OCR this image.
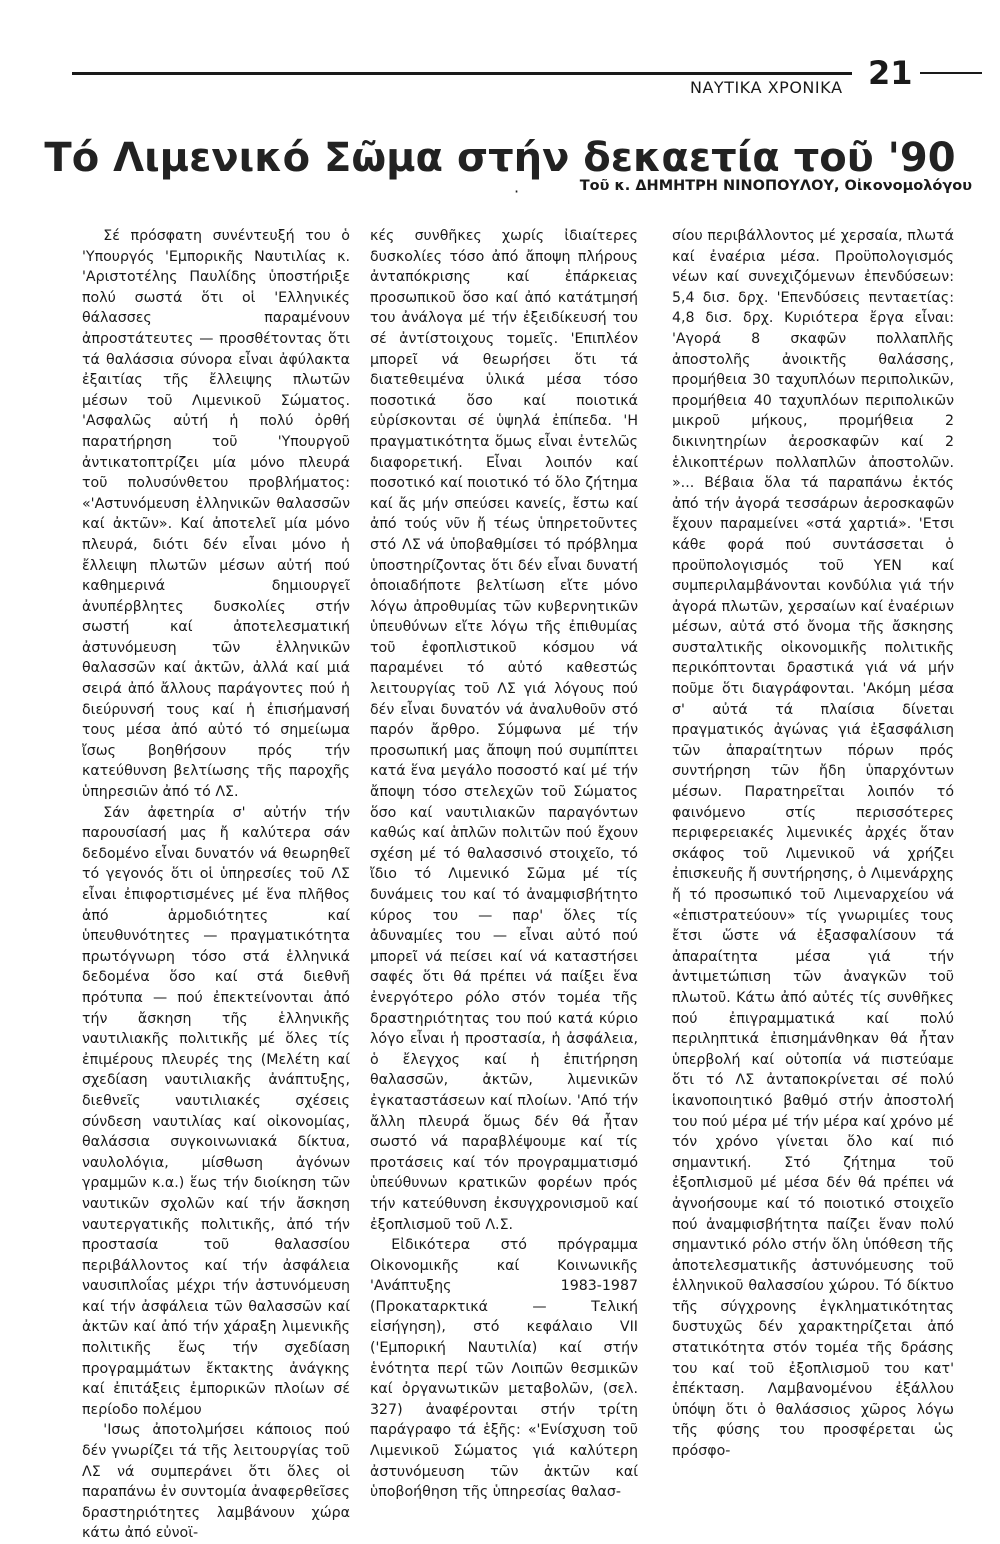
ΝΑΥΤΙΚΑ ΧΡΟΝΙΚΑ 21
Τό Λιμενικό Σῶμα στήν δεκαετία τοῦ '90
·	Τοῦ κ. ΔΗΜΗΤΡΗ ΝΙΝΟΠΟΥΛΟΥ, Οἰκονομολόγου

Σέ πρόσφατη συνέντευξή του ὁ 'Υπουργός 'Εμπορικῆς Ναυτιλίας κ. 'Αριστοτέλης Παυλίδης ὑποστήριξε πολύ σωστά ὅτι οἱ 'Ελληνικές θάλασσες παραμένουν ἀπροστάτευτες — προσθέτοντας ὅτι τά θαλάσσια σύνορα εἶναι ἀφύλακτα ἐξαιτίας τῆς ἔλλειψης πλωτῶν μέσων τοῦ Λιμενικοῦ Σώματος. 'Ασφαλῶς αὐτή ἡ πολύ ὀρθή παρατήρηση τοῦ 'Υπουργοῦ ἀντικατοπτρίζει μία μόνο πλευρά τοῦ πολυσύνθετου προβλήματος: «'Αστυνόμευση ἑλληνικῶν θαλασσῶν καί ἀκτῶν». Καί ἀποτελεῖ μία μόνο πλευρά, διότι δέν εἶναι μόνο ἡ ἔλλειψη πλωτῶν μέσων αὐτή πού καθημερινά δημιουργεῖ ἀνυπέρβλητες δυσκολίες στήν σωστή καί ἀποτελεσματική ἀστυνόμευση τῶν ἑλληνικῶν θαλασσῶν καί ἀκτῶν, ἀλλά καί μιά σειρά ἀπό ἄλλους παράγοντες πού ἡ διεύρυνσή τους καί ἡ ἐπισήμανσή τους μέσα ἀπό αὐτό τό σημείωμα ἴσως βοηθήσουν πρός τήν κατεύθυνση βελτίωσης τῆς παροχῆς ὑπηρεσιῶν ἀπό τό ΛΣ.

Σάν ἀφετηρία σ' αὐτήν τήν παρουσίασή μας ἤ καλύτερα σάν δεδομένο εἶναι δυνατόν νά θεωρηθεῖ τό γεγονός ὅτι οἱ ὑπηρεσίες τοῦ ΛΣ εἶναι ἐπιφορτισμένες μέ ἕνα πλῆθος ἀπό ἁρμοδιότητες καί ὑπευθυνότητες — πραγματικότητα πρωτόγνωρη τόσο στά ἑλληνικά δεδομένα ὅσο καί στά διεθνῆ πρότυπα — πού ἐπεκτείνονται ἀπό τήν ἄσκηση τῆς ἑλληνικῆς ναυτιλιακῆς πολιτικῆς μέ ὅλες τίς ἐπιμέρους πλευρές της (Μελέτη καί σχεδίαση ναυτιλιακῆς ἀνάπτυξης, διεθνεῖς ναυτιλιακές σχέσεις σύνδεση ναυτιλίας καί οἰκονομίας, θαλάσσια συγκοινωνιακά δίκτυα, ναυλολόγια, μίσθωση ἀγόνων γραμμῶν κ.α.) ἕως τήν διοίκηση τῶν ναυτικῶν σχολῶν καί τήν ἄσκηση ναυτεργατικῆς πολιτικῆς, ἀπό τήν προστασία τοῦ θαλασσίου περιβάλλοντος καί τήν ἀσφάλεια ναυσιπλοΐας μέχρι τήν ἀστυνόμευση καί τήν ἀσφάλεια τῶν θαλασσῶν καί ἀκτῶν καί ἀπό τήν χάραξη λιμενικῆς πολιτικῆς ἕως τήν σχεδίαση προγραμμάτων ἔκτακτης ἀνάγκης καί ἐπιτάξεις ἐμπορικῶν πλοίων σέ περίοδο πολέμου

'Ισως ἀποτολμήσει κάποιος πού δέν γνωρίζει τά τῆς λειτουργίας τοῦ ΛΣ νά συμπεράνει ὅτι ὅλες οἱ παραπάνω ἐν συντομία ἀναφερθεῖσες δραστηριότητες λαμβάνουν χώρα κάτω ἀπό εὐνοϊ-

κές συνθῆκες χωρίς ἰδιαίτερες δυσκολίες τόσο ἀπό ἄποψη πλήρους ἀνταπόκρισης καί ἐπάρκειας προσωπικοῦ ὅσο καί ἀπό κατάτμησή του ἀνάλογα μέ τήν ἐξειδίκευσή του σέ ἀντίστοιχους τομεῖς. 'Επιπλέον μπορεῖ νά θεωρήσει ὅτι τά διατεθειμένα ὑλικά μέσα τόσο ποσοτικά ὅσο καί ποιοτικά εὑρίσκονται σέ ὑψηλά ἐπίπεδα. 'Η πραγματικότητα ὅμως εἶναι ἐντελῶς διαφορετική. Εἶναι λοιπόν καί ποσοτικό καί ποιοτικό τό ὅλο ζήτημα καί ἄς μήν σπεύσει κανείς, ἔστω καί ἀπό τούς νῦν ἤ τέως ὑπηρετοῦντες στό ΛΣ νά ὑποβαθμίσει τό πρόβλημα ὑποστηρίζοντας ὅτι δέν εἶναι δυνατή ὁποιαδήποτε βελτίωση εἴτε μόνο λόγω ἀπροθυμίας τῶν κυβερνητικῶν ὑπευθύνων εἴτε λόγω τῆς ἐπιθυμίας τοῦ ἐφοπλιστικοῦ κόσμου νά παραμένει τό αὐτό καθεστώς λειτουργίας τοῦ ΛΣ γιά λόγους πού δέν εἶναι δυνατόν νά ἀναλυθοῦν στό παρόν ἄρθρο. Σύμφωνα μέ τήν προσωπική μας ἄποψη πού συμπίπτει κατά ἕνα μεγάλο ποσοστό καί μέ τήν ἄποψη τόσο στελεχῶν τοῦ Σώματος ὅσο καί ναυτιλιακῶν παραγόντων καθώς καί ἁπλῶν πολιτῶν πού ἔχουν σχέση μέ τό θαλασσινό στοιχεῖο, τό ἴδιο τό Λιμενικό Σῶμα μέ τίς δυνάμεις του καί τό ἀναμφισβήτητο κύρος του — παρ' ὅλες τίς ἀδυναμίες του — εἶναι αὐτό πού μπορεῖ νά πείσει καί νά καταστήσει σαφές ὅτι θά πρέπει νά παίξει ἕνα ἐνεργότερο ρόλο στόν τομέα τῆς δραστηριότητας του πού κατά κύριο λόγο εἶναι ἡ προστασία, ἡ ἀσφάλεια, ὁ ἔλεγχος καί ἡ ἐπιτήρηση θαλασσῶν, ἀκτῶν, λιμενικῶν ἐγκαταστάσεων καί πλοίων. 'Από τήν ἄλλη πλευρά ὅμως δέν θά ἦταν σωστό νά παραβλέψουμε καί τίς προτάσεις καί τόν προγραμματισμό ὑπεύθυνων κρατικῶν φορέων πρός τήν κατεύθυνση ἐκσυγχρονισμοῦ καί ἐξοπλισμοῦ τοῦ Λ.Σ.

Εἰδικότερα στό πρόγραμμα Οἰκονομικῆς καί Κοινωνικῆς 'Ανάπτυξης 1983-1987 (Προκαταρκτικά — Τελική εἰσήγηση), στό κεφάλαιο VII ('Εμπορική Ναυτιλία) καί στήν ἑνότητα περί τῶν Λοιπῶν θεσμικῶν καί ὀργανωτικῶν μεταβολῶν, (σελ. 327) ἀναφέρονται στήν τρίτη παράγραφο τά ἑξῆς: «'Ενίσχυση τοῦ Λιμενικοῦ Σώματος γιά καλύτερη ἀστυνόμευση τῶν ἀκτῶν καί ὑποβοήθηση τῆς ὑπηρεσίας θαλασ-

σίου περιβάλλοντος μέ χερσαία, πλωτά καί ἐναέρια μέσα. Προϋπολογισμός νέων καί συνεχιζόμενων ἐπενδύσεων: 5,4 δισ. δρχ. 'Επενδύσεις πενταετίας: 4,8 δισ. δρχ. Κυριότερα ἔργα εἶναι: 'Αγορά 8 σκαφῶν πολλαπλῆς ἀποστολῆς ἀνοικτῆς θαλάσσης, προμήθεια 30 ταχυπλόων περιπολικῶν, προμήθεια 40 ταχυπλόων περιπολικῶν μικροῦ μήκους, προμήθεια 2 δικινητηρίων ἀεροσκαφῶν καί 2 ἑλικοπτέρων πολλαπλῶν ἀποστολῶν. »... Βέβαια ὅλα τά παραπάνω ἐκτός ἀπό τήν ἀγορά τεσσάρων ἀεροσκαφῶν ἔχουν παραμείνει «στά χαρτιά». 'Ετσι κάθε φορά πού συντάσσεται ὁ προϋπολογισμός τοῦ ΥΕΝ καί συμπεριλαμβάνονται κονδύλια γιά τήν ἀγορά πλωτῶν, χερσαίων καί ἐναέριων μέσων, αὐτά στό ὄνομα τῆς ἄσκησης συσταλτικῆς οἰκονομικῆς πολιτικῆς περικόπτονται δραστικά γιά νά μήν ποῦμε ὅτι διαγράφονται. 'Ακόμη μέσα σ' αὐτά τά πλαίσια δίνεται πραγματικός ἀγώνας γιά ἐξασφάλιση τῶν ἀπαραίτητων πόρων πρός συντήρηση τῶν ἤδη ὑπαρχόντων μέσων. Παρατηρεῖται λοιπόν τό φαινόμενο στίς περισσότερες περιφερειακές λιμενικές ἀρχές ὅταν σκάφος τοῦ Λιμενικοῦ νά χρήζει ἐπισκευῆς ἤ συντήρησης, ὁ Λιμενάρχης ἤ τό προσωπικό τοῦ Λιμεναρχείου νά «ἐπιστρατεύουν» τίς γνωριμίες τους ἔτσι ὥστε νά ἐξασφαλίσουν τά ἀπαραίτητα μέσα γιά τήν ἀντιμετώπιση τῶν ἀναγκῶν τοῦ πλωτοῦ. Κάτω ἀπό αὐτές τίς συνθῆκες πού ἐπιγραμματικά καί πολύ περιληπτικά ἐπισημάνθηκαν θά ἦταν ὑπερβολή καί οὐτοπία νά πιστεύαμε ὅτι τό ΛΣ ἀνταποκρίνεται σέ πολύ ἱκανοποιητικό βαθμό στήν ἀποστολή του πού μέρα μέ τήν μέρα καί χρόνο μέ τόν χρόνο γίνεται ὅλο καί πιό σημαντική. Στό ζήτημα τοῦ ἐξοπλισμοῦ μέ μέσα δέν θά πρέπει νά ἀγνοήσουμε καί τό ποιοτικό στοιχεῖο πού ἀναμφισβήτητα παίζει ἕναν πολύ σημαντικό ρόλο στήν ὅλη ὑπόθεση τῆς ἀποτελεσματικῆς ἀστυνόμευσης τοῦ ἑλληνικοῦ θαλασσίου χώρου. Τό δίκτυο τῆς σύγχρονης ἐγκληματικότητας δυστυχῶς δέν χαρακτηρίζεται ἀπό στατικότητα στόν τομέα τῆς δράσης του καί τοῦ ἐξοπλισμοῦ του κατ' ἐπέκταση. Λαμβανομένου ἐξάλλου ὑπόψη ὅτι ὁ θαλάσσιος χῶρος λόγω τῆς φύσης του προσφέρεται ὡς πρόσφο-
